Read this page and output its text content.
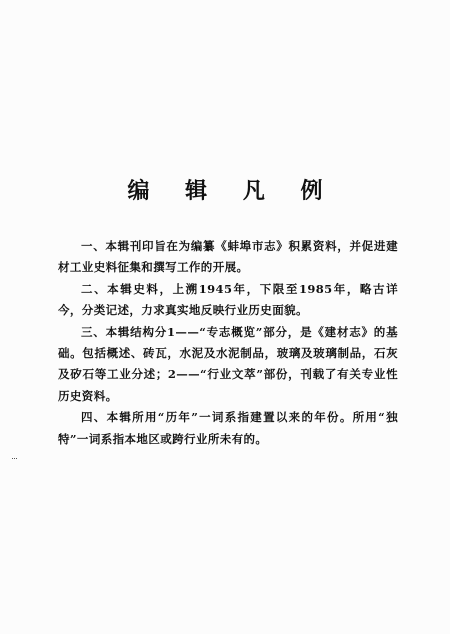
编 辑 凡 例

一、本辑刊印旨在为编纂《蚌埠市志》积累资料，并促进建材工业史料征集和撰写工作的开展。

二、本辑史料，上溯1945年，下限至1985年，略古详今，分类记述，力求真实地反映行业历史面貌。

三、本辑结构分1——“专志概览”部分，是《建材志》的基础。包括概述、砖瓦，水泥及水泥制品，玻璃及玻璃制品，石灰及矽石等工业分述；2——“行业文萃”部份，刊载了有关专业性历史资料。

四、本辑所用“历年”一词系指建置以来的年份。所用“独特”一词系指本地区或跨行业所未有的。
